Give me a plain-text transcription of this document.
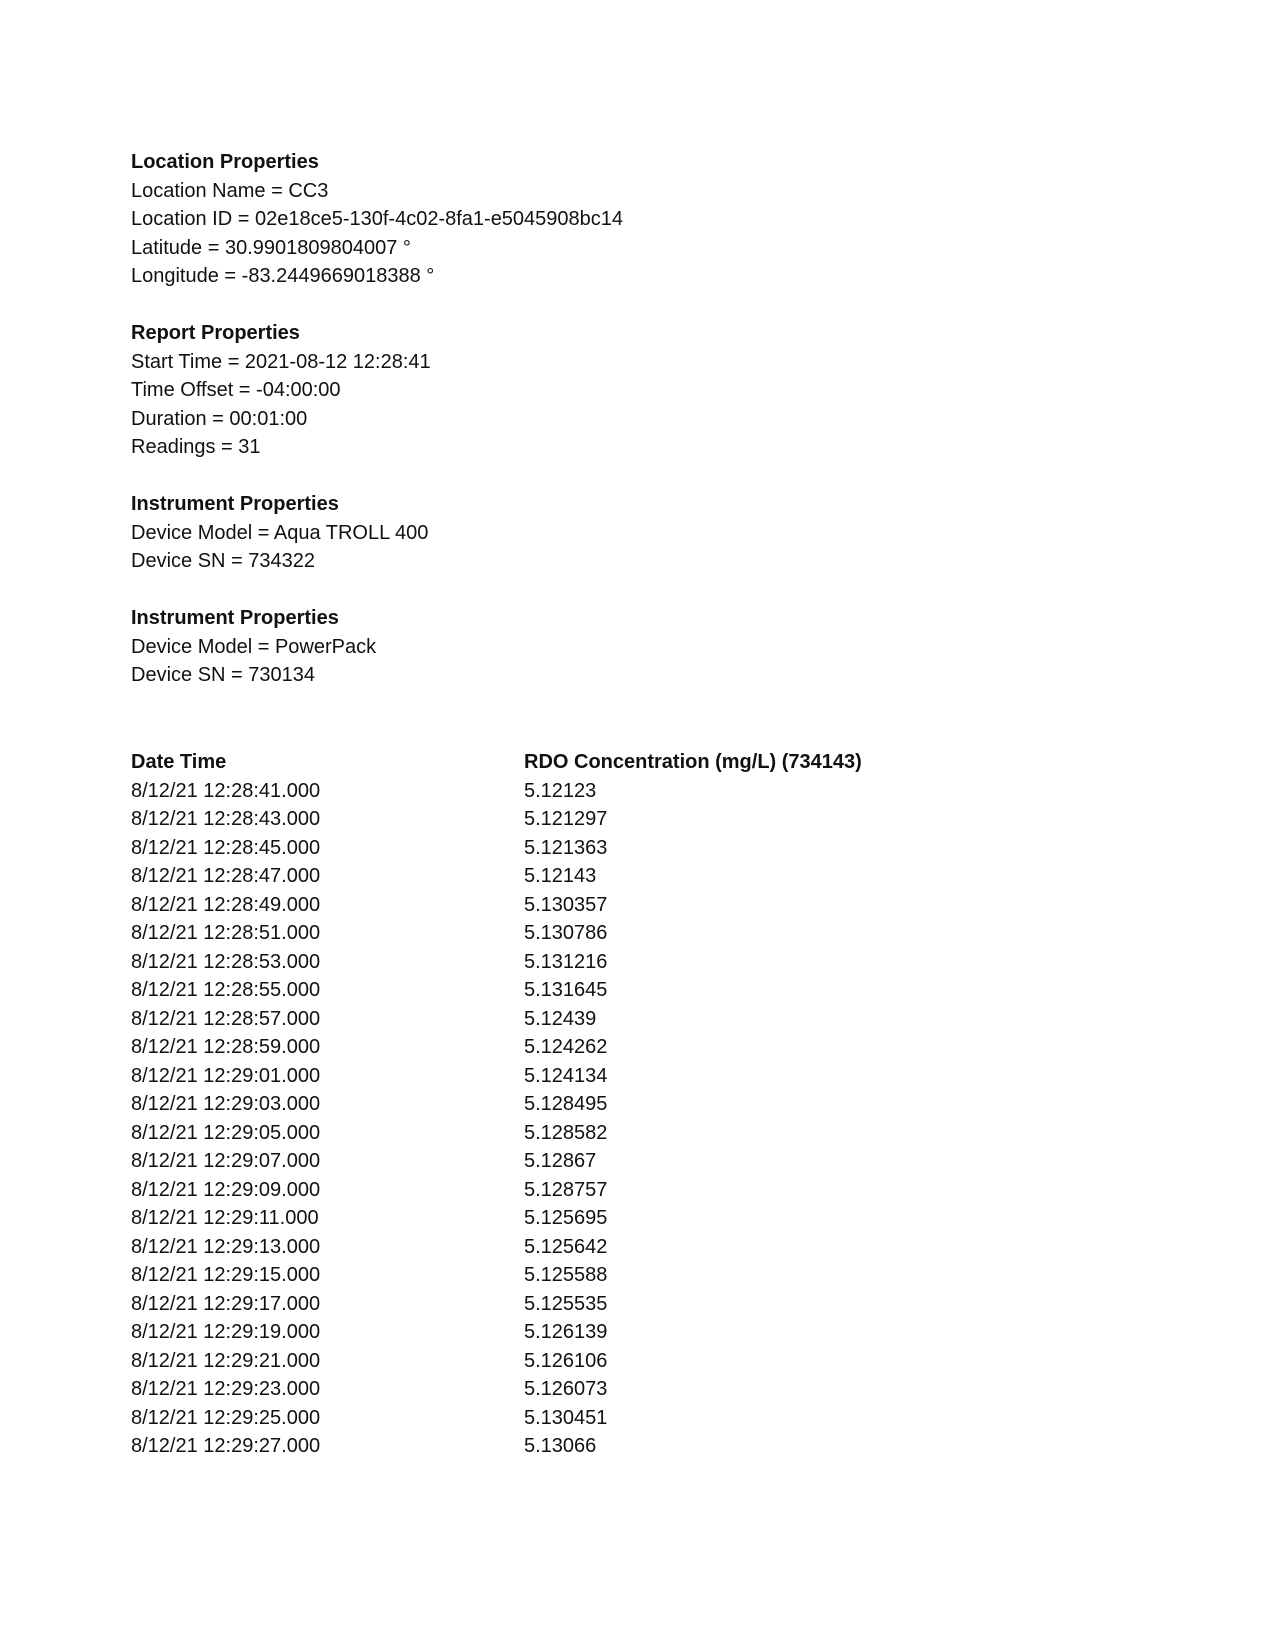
Location Properties
Location Name = CC3
Location ID = 02e18ce5-130f-4c02-8fa1-e5045908bc14
Latitude = 30.9901809804007 °
Longitude = -83.2449669018388 °
Report Properties
Start Time = 2021-08-12 12:28:41
Time Offset = -04:00:00
Duration = 00:01:00
Readings = 31
Instrument Properties
Device Model = Aqua TROLL 400
Device SN = 734322
Instrument Properties
Device Model = PowerPack
Device SN = 730134
Date Time	RDO Concentration (mg/L) (734143)
8/12/21 12:28:41.000	5.12123
8/12/21 12:28:43.000	5.121297
8/12/21 12:28:45.000	5.121363
8/12/21 12:28:47.000	5.12143
8/12/21 12:28:49.000	5.130357
8/12/21 12:28:51.000	5.130786
8/12/21 12:28:53.000	5.131216
8/12/21 12:28:55.000	5.131645
8/12/21 12:28:57.000	5.12439
8/12/21 12:28:59.000	5.124262
8/12/21 12:29:01.000	5.124134
8/12/21 12:29:03.000	5.128495
8/12/21 12:29:05.000	5.128582
8/12/21 12:29:07.000	5.12867
8/12/21 12:29:09.000	5.128757
8/12/21 12:29:11.000	5.125695
8/12/21 12:29:13.000	5.125642
8/12/21 12:29:15.000	5.125588
8/12/21 12:29:17.000	5.125535
8/12/21 12:29:19.000	5.126139
8/12/21 12:29:21.000	5.126106
8/12/21 12:29:23.000	5.126073
8/12/21 12:29:25.000	5.130451
8/12/21 12:29:27.000	5.13066
